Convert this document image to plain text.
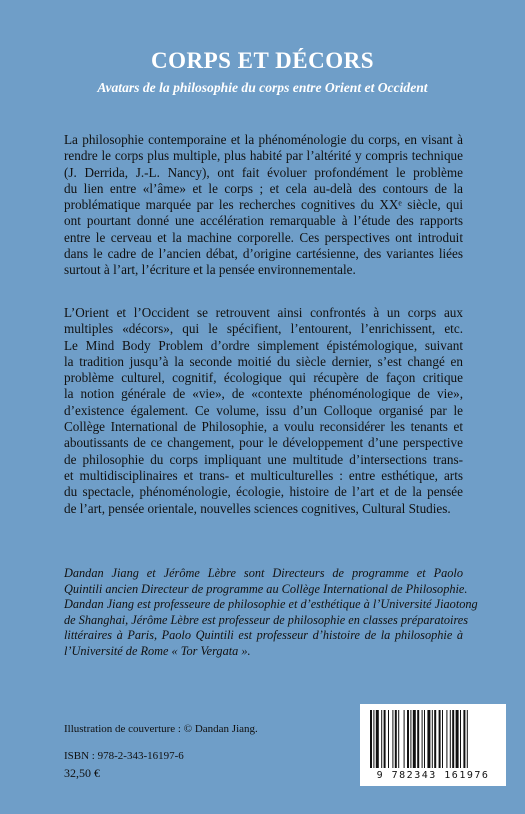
CORPS ET DÉCORS
Avatars de la philosophie du corps entre Orient et Occident
La philosophie contemporaine et la phénoménologie du corps, en visant à
rendre le corps plus multiple, plus habité par l’altérité y compris technique
(J. Derrida, J.-L. Nancy), ont fait évoluer profondément le problème
du lien entre «l’âme» et le corps ; et cela au-delà des contours de la
problématique marquée par les recherches cognitives du XXᵉ siècle, qui
ont pourtant donné une accélération remarquable à l’étude des rapports
entre le cerveau et la machine corporelle. Ces perspectives ont introduit
dans le cadre de l’ancien débat, d’origine cartésienne, des variantes liées
surtout à l’art, l’écriture et la pensée environnementale.
L’Orient et l’Occident se retrouvent ainsi confrontés à un corps aux
multiples «décors», qui le spécifient, l’entourent, l’enrichissent, etc.
Le Mind Body Problem d’ordre simplement épistémologique, suivant
la tradition jusqu’à la seconde moitié du siècle dernier, s’est changé en
problème culturel, cognitif, écologique qui récupère de façon critique
la notion générale de «vie», de «contexte phénoménologique de vie»,
d’existence également. Ce volume, issu d’un Colloque organisé par le
Collège International de Philosophie, a voulu reconsidérer les tenants et
aboutissants de ce changement, pour le développement d’une perspective
de philosophie du corps impliquant une multitude d’intersections trans-
et multidisciplinaires et trans- et multiculturelles : entre esthétique, arts
du spectacle, phénoménologie, écologie, histoire de l’art et de la pensée
de l’art, pensée orientale, nouvelles sciences cognitives, Cultural Studies.
Dandan Jiang et Jérôme Lèbre sont Directeurs de programme et Paolo
Quintili ancien Directeur de programme au Collège International de Philosophie.
Dandan Jiang est professeure de philosophie et d’esthétique à l’Université Jiaotong
de Shanghai, Jérôme Lèbre est professeur de philosophie en classes préparatoires
littéraires à Paris, Paolo Quintili est professeur d’histoire de la philosophie à
l’Université de Rome « Tor Vergata ».
Illustration de couverture : © Dandan Jiang.
ISBN : 978-2-343-16197-6
32,50 €	9 782343 161976
